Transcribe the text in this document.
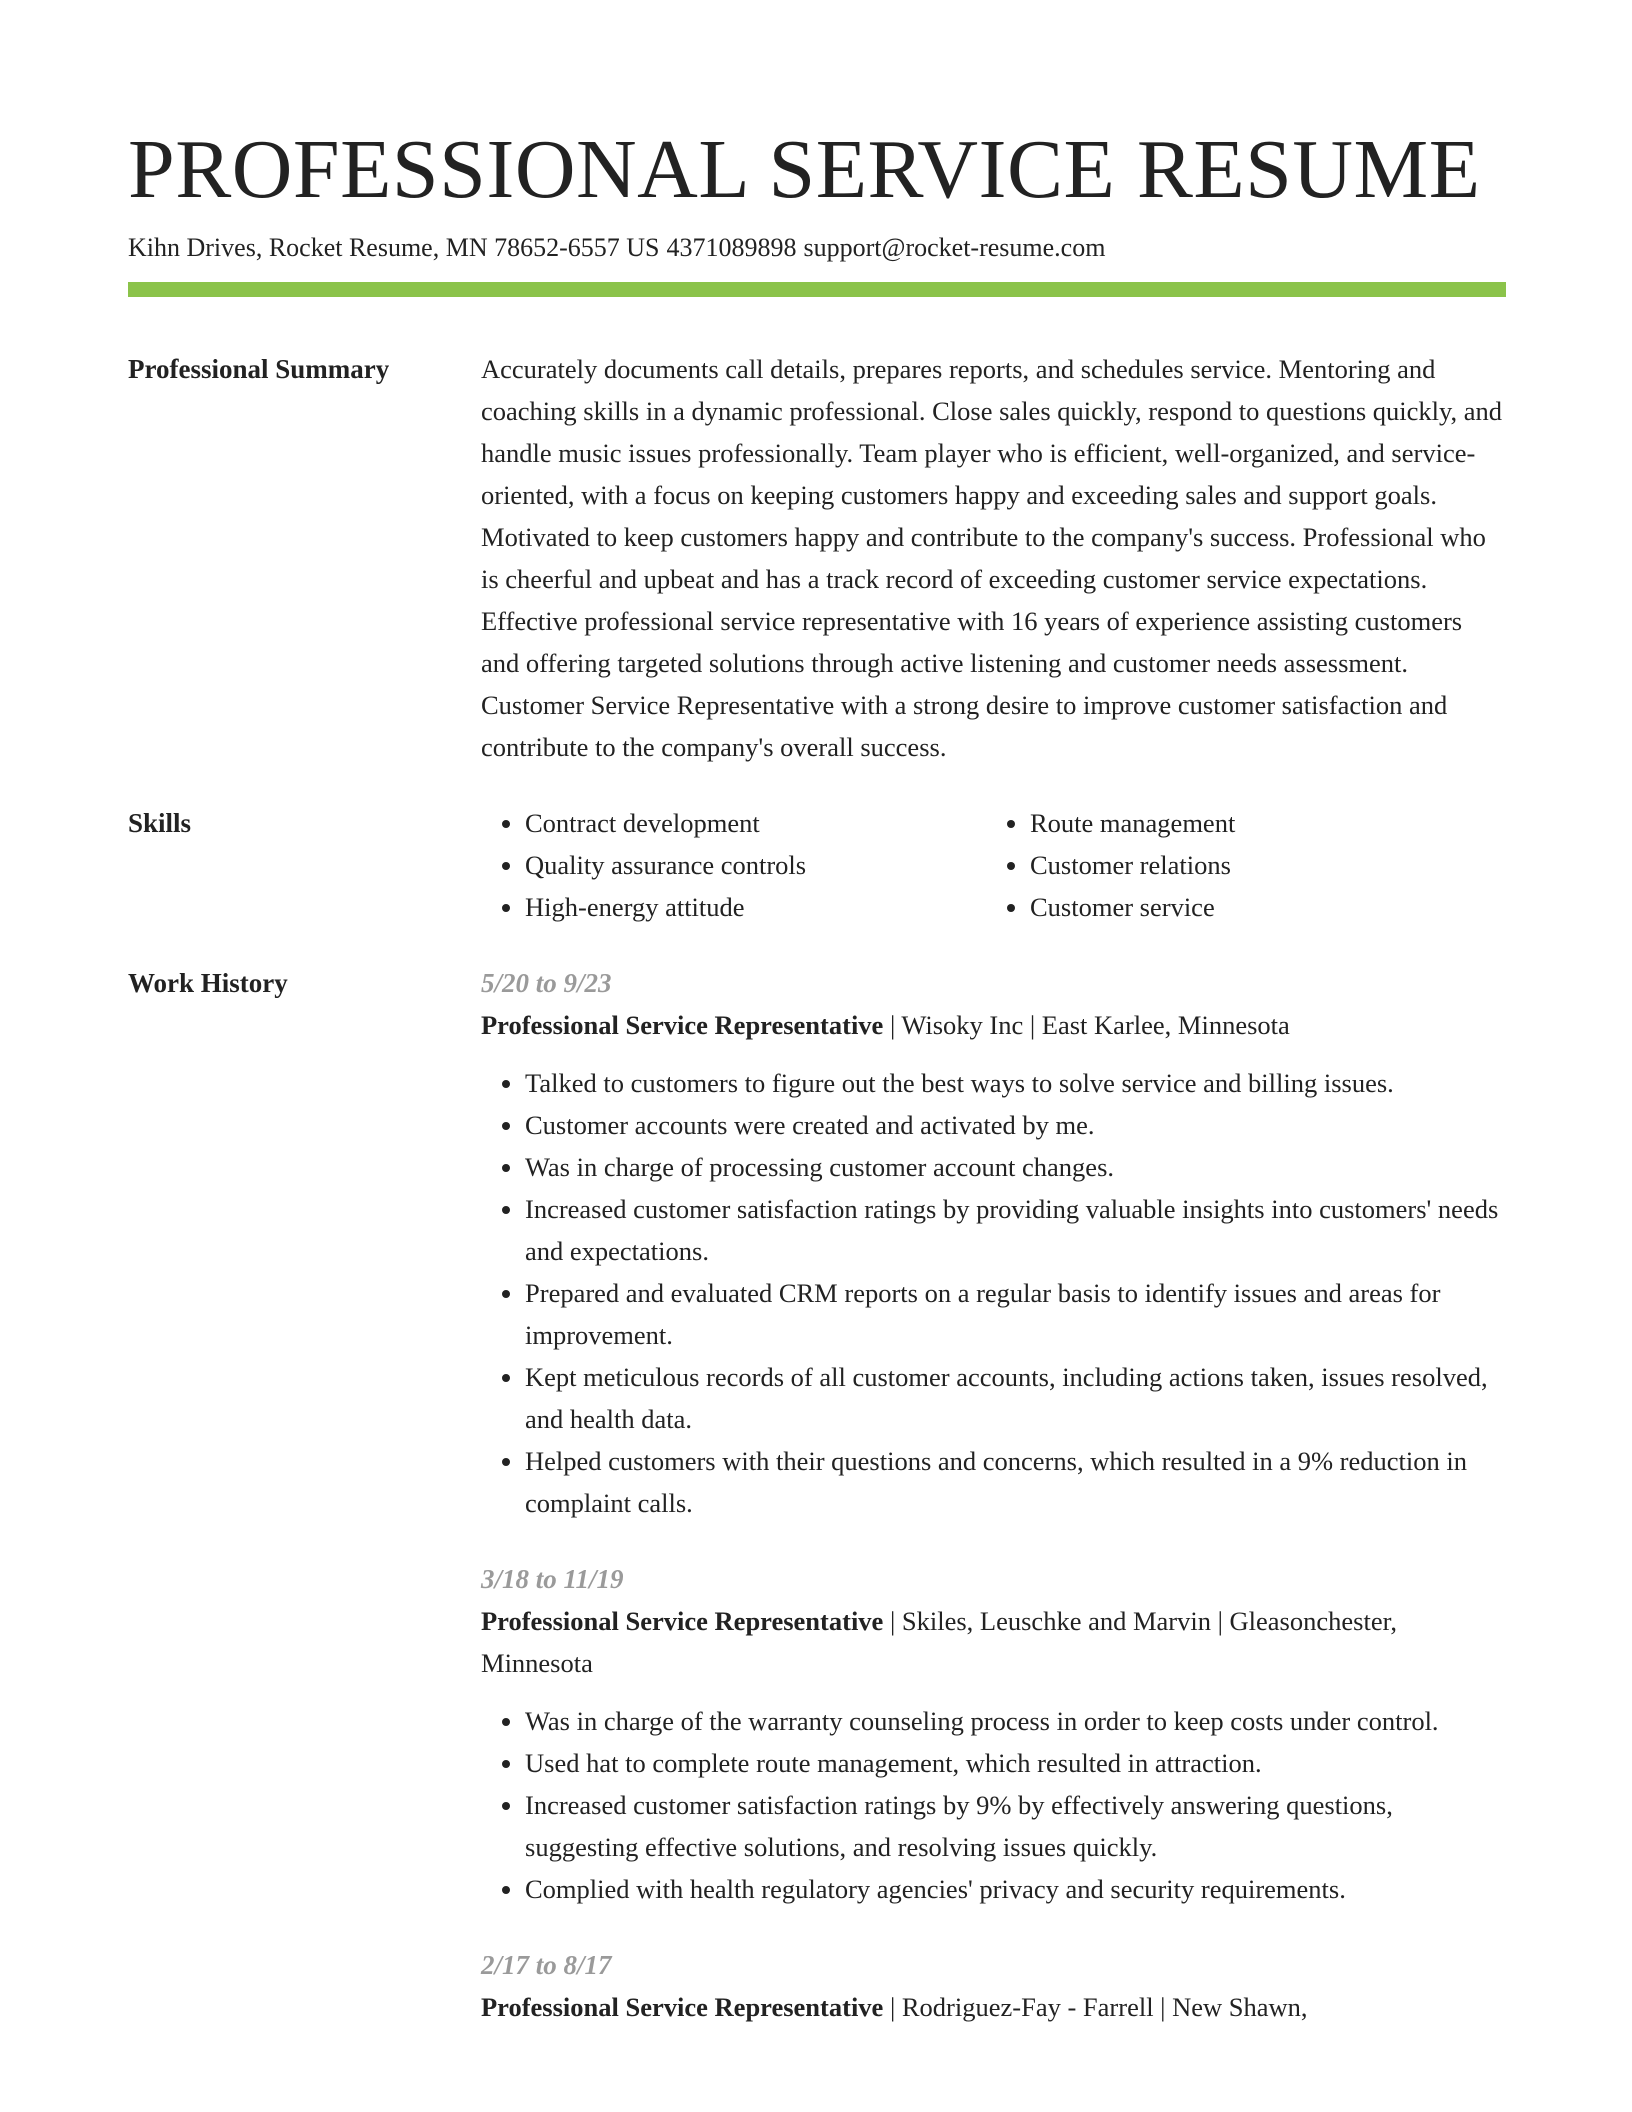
PROFESSIONAL SERVICE RESUME
Kihn Drives, Rocket Resume, MN 78652-6557 US 4371089898 support@rocket-resume.com
Professional Summary	Accurately documents call details, prepares reports, and schedules service. Mentoring and coaching skills in a dynamic professional. Close sales quickly, respond to questions quickly, and handle music issues professionally. Team player who is efficient, well-organized, and service-oriented, with a focus on keeping customers happy and exceeding sales and support goals. Motivated to keep customers happy and contribute to the company's success. Professional who is cheerful and upbeat and has a track record of exceeding customer service expectations. Effective professional service representative with 16 years of experience assisting customers and offering targeted solutions through active listening and customer needs assessment. Customer Service Representative with a strong desire to improve customer satisfaction and contribute to the company's overall success.

Skills
•	Contract development
• Quality assurance controls
• High-energy attitude
• Route management
• Customer relations
• Customer service
Work History	5/20 to 9/23
Professional Service Representative | Wisoky Inc | East Karlee, Minnesota
• Talked to customers to figure out the best ways to solve service and billing issues.
• Customer accounts were created and activated by me.
• Was in charge of processing customer account changes.
• Increased customer satisfaction ratings by providing valuable insights into customers' needs and expectations.
• Prepared and evaluated CRM reports on a regular basis to identify issues and areas for improvement.
• Kept meticulous records of all customer accounts, including actions taken, issues resolved, and health data.
• Helped customers with their questions and concerns, which resulted in a 9% reduction in complaint calls.
3/18 to 11/19
Professional Service Representative | Skiles, Leuschke and Marvin | Gleasonchester, Minnesota
• Was in charge of the warranty counseling process in order to keep costs under control.
• Used hat to complete route management, which resulted in attraction.
• Increased customer satisfaction ratings by 9% by effectively answering questions, suggesting effective solutions, and resolving issues quickly.
• Complied with health regulatory agencies' privacy and security requirements.
2/17 to 8/17
Professional Service Representative | Rodriguez-Fay - Farrell | New Shawn,
